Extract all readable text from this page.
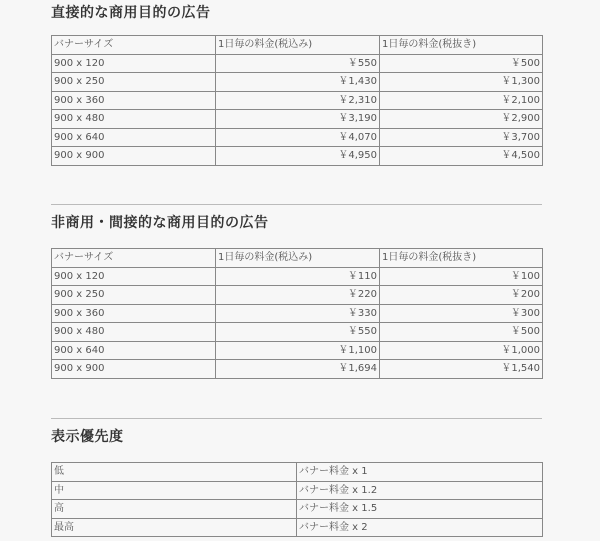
直接的な商用目的の広告
バナーサイズ	1日毎の料金(税込み)	1日毎の料金(税抜き)
900 x 120	￥550	￥500
900 x 250	￥1,430	￥1,300
900 x 360	￥2,310	￥2,100
900 x 480	￥3,190	￥2,900
900 x 640	￥4,070	￥3,700
900 x 900	￥4,950	￥4,500
非商用・間接的な商用目的の広告
バナーサイズ	1日毎の料金(税込み)	1日毎の料金(税抜き)
900 x 120	￥110	￥100
900 x 250	￥220	￥200
900 x 360	￥330	￥300
900 x 480	￥550	￥500
900 x 640	￥1,100	￥1,000
900 x 900	￥1,694	￥1,540
表示優先度
低	バナー料金 x 1
中	バナー料金 x 1.2
高	バナー料金 x 1.5
最高	バナー料金 x 2
